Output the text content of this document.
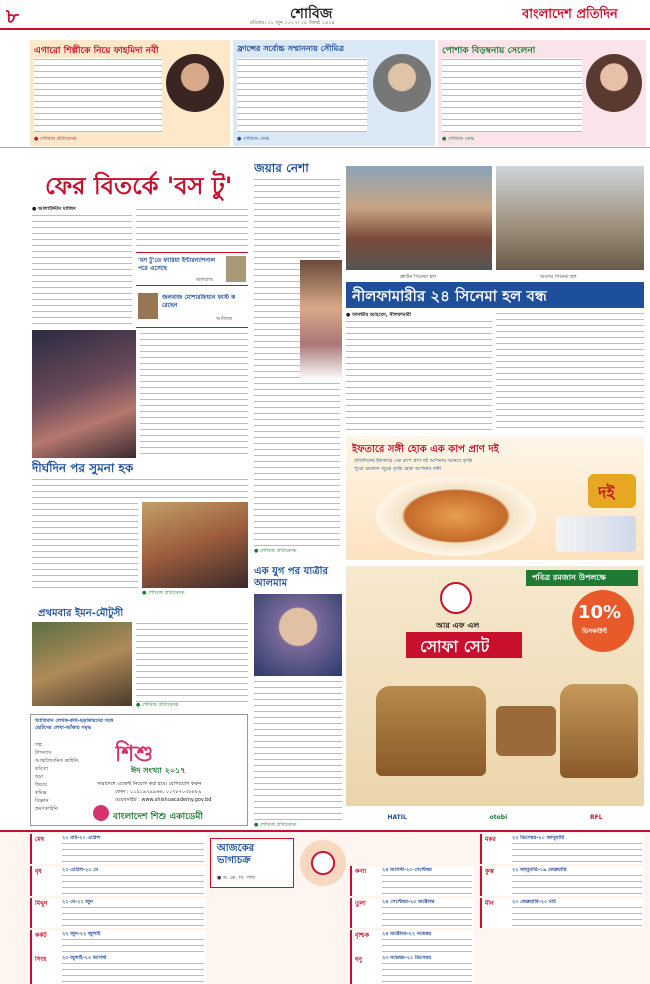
৮	শোবিজ
রবিবার। ১১ জুন ২০১৭। ২৮ জ্যৈষ্ঠ ১৪২৪
বাংলাদেশ প্রতিদিন
এগারো শিল্পীকে নিয়ে ফাহমিদা নবী
● শোবিজ প্রতিবেদক
ফ্রান্সের সর্বোচ্চ সম্মাননায় সৌমিত্র
● শোবিজ ডেস্ক
পোশাক বিড়ম্বনায় সেলেনা
● শোবিজ ডেস্ক
ফের বিতর্কে 'বস টু'
● আলাউদ্দীন মাজিদ
'বস টু'তে ফারিয়া ইন্টারন্যাশনাল পরে এসেছে
জলবাজ
জলবাজ মোশারফিয়ান ফাস্ট করেছেন
আজিজ
দীর্ঘদিন পর সুমনা হক
● শোবিজ প্রতিবেদক
প্রথমবার ইমন-মৌটুসী
● শোবিজ প্রতিবেদক
খ্যাতিমান লেখক-কবি-ছড়াকারদের সঙ্গে ছোটদের লেখা-আঁকায় সমৃদ্ধ
গল্প
উপন্যাস
আত্মজৈবনিক কাহিনি
কবিতা
ছড়া
ফিচার
কমিক্স
বিজ্ঞান
ভ্রমণকাহিনি
শিশু
ঈদ সংখ্যা ২০১৭
সারাদেশে এজেন্ট নিয়োগ করা হবে। যোগাযোগ করুন
ফোন : ০১৯১৯৭৯৯৬৬, ০১৭৮৭০৩৮৮৮৯
ওয়েবসাইট : www.shishuacademy.gov.bd
বাংলাদেশ শিশু একাডেমী
জয়ার নেশা
● শোবিজ প্রতিবেদক
ক্রাউন সিনেমা হল	অবসর সিনেমা হল
নীলফামারীর ২৪ সিনেমা হল বন্ধ
● তানভীর আহমেদ, নীলফামারী
ইফতারে সঙ্গী হোক এক কাপ প্রাণ দই
প্রতিদিনের ইফতারে এক কাপ প্রাণ দই আপনার আনবে তৃপ্তি
পুরো রমজান জুড়ে তৃপ্তি হোক আপনার সঙ্গী
দই
এক যুগ পর যাত্রীর আলমাম
● শোবিজ প্রতিবেদক
পবিত্র রমজান উপলক্ষে
আর এফ এল
সোফা সেট
10%
ডিসকাউন্ট
HATIL	otobi	RFL
আজকের ভাগ্যচক্র
● ড. কে. সি. পাল
মেষ	২১ মার্চ-২০ এপ্রিল
বৃষ	২১ এপ্রিল-২০ মে
মিথুন	২১ মে-২১ জুন
কর্কট	২২ জুন-২২ জুলাই
সিংহ	২৩ জুলাই-২৩ আগস্ট
কন্যা	২৪ আগস্ট-২৩ সেপ্টেম্বর
তুলা	২৪ সেপ্টেম্বর-২৩ অক্টোবর
বৃশ্চিক	২৪ অক্টোবর-২২ নভেম্বর
ধনু	২৩ নভেম্বর-২১ ডিসেম্বর
মকর	২২ ডিসেম্বর-২০ জানুয়ারি
কুম্ভ	২১ জানুয়ারি-১৯ ফেব্রুয়ারি
মীন	২০ ফেব্রুয়ারি-২০ মার্চ
